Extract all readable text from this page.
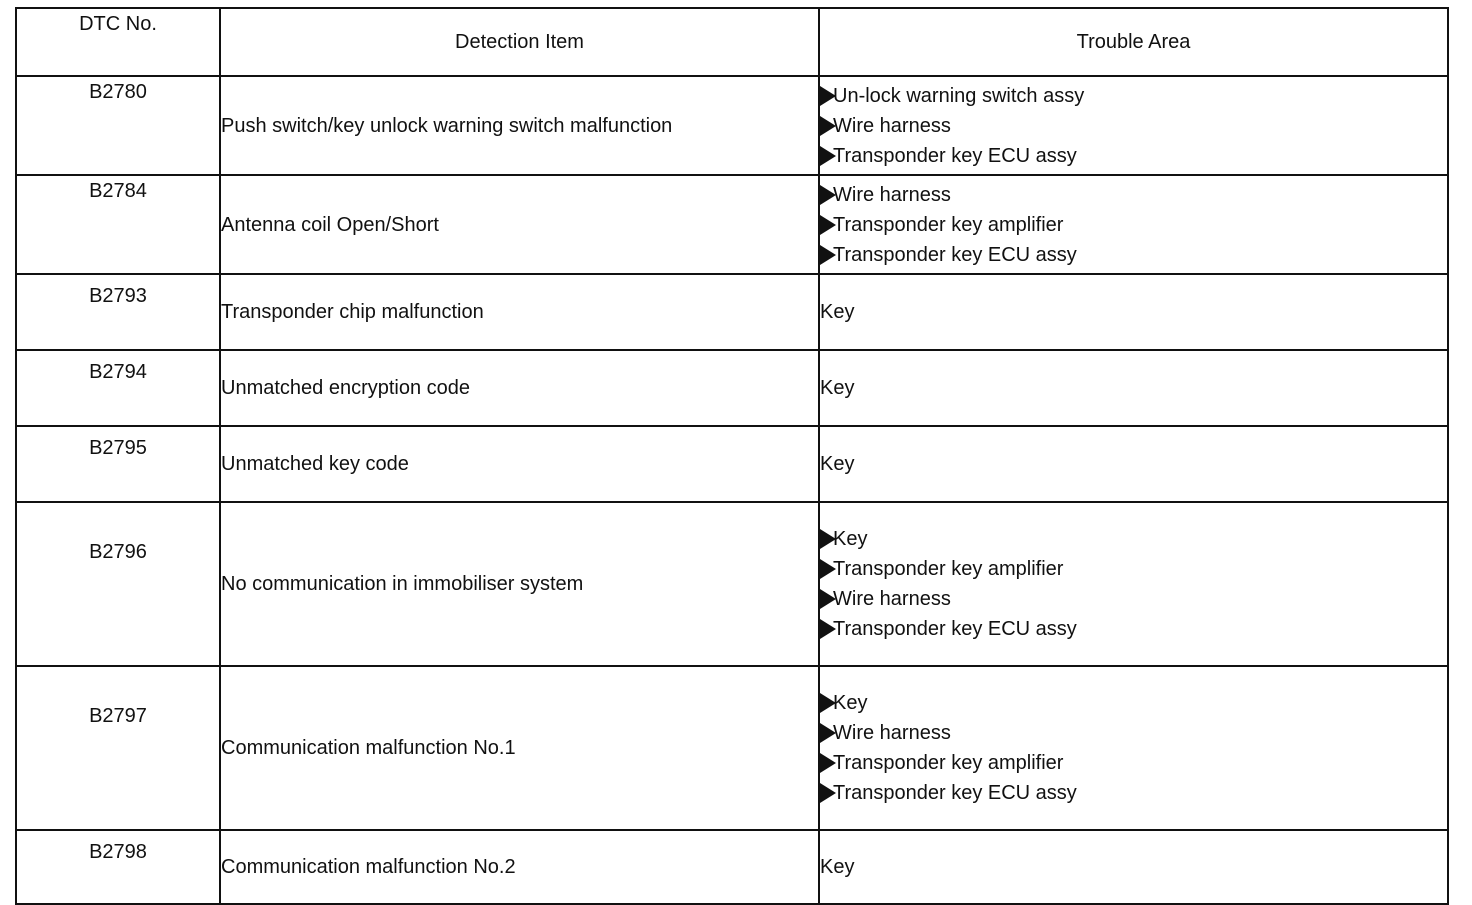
DTC No.	Detection Item	Trouble Area
B2780	Push switch/key unlock warning switch malfunction	Un-lock warning switch assy
Wire harness
Transponder key ECU assy

B2784	Antenna coil Open/Short	Wire harness
Transponder key amplifier
Transponder key ECU assy

B2793	Transponder chip malfunction	Key

B2794	Unmatched encryption code	Key

B2795	Unmatched key code	Key

B2796	No communication in immobiliser system	Key
Transponder key amplifier
Wire harness
Transponder key ECU assy

B2797	Communication malfunction No.1	Key
Wire harness
Transponder key amplifier
Transponder key ECU assy

B2798	Communication malfunction No.2	Key
